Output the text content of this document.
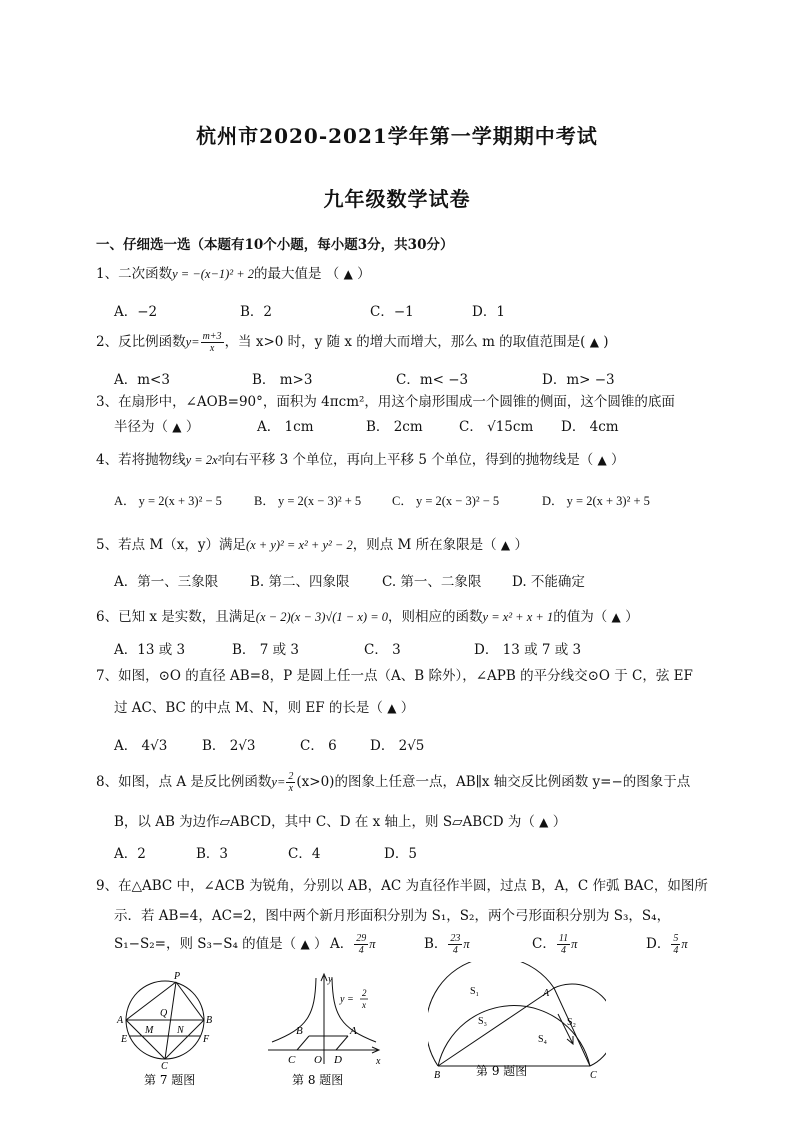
杭州市2020-2021学年第一学期期中考试
九年级数学试卷
一、仔细选一选（本题有10个小题，每小题3分，共30分）
1、二次函数y = −(x−1)² + 2的最大值是 （ ▲ ）
A．−2	B．2	C．−1	D．1
2、反比例函数$y= \frac{m+3}{x}$ ，当 x>0 时，y 随 x 的增大而增大，那么 m 的取值范围是( ▲ )
A．m<3	B． m>3	C．m< −3	D．m> −3
3、在扇形中，∠AOB=90°，面积为 4πcm²，用这个扇形围成一个圆锥的侧面，这个圆锥的底面
半径为（ ▲ ）	A． 1cm	B． 2cm	C． √15cm D． 4cm
4、若将抛物线y = 2x²向右平移 3 个单位，再向上平移 5 个单位，得到的抛物线是（ ▲ ）
A． y = 2(x + 3)² − 5	B． y = 2(x − 3)² + 5 C． y = 2(x − 3)² − 5	D． y = 2(x + 3)² + 5
5、若点 M（x，y）满足(x + y)² = x² + y² − 2，则点 M 所在象限是（ ▲ ）
A．第一、三象限 B. 第二、四象限 C. 第一、二象限 D. 不能确定
6、已知 x 是实数，且满足(x − 2)(x − 3)√(1 − x) = 0，则相应的函数y = x² + x + 1的值为（ ▲ ）
A．13 或 3	B． 7 或 3	C． 3	D． 13 或 7 或 3
7、如图，⊙O 的直径 AB=8，P 是圆上任一点（A、B 除外），∠APB 的平分线交⊙O 于 C，弦 EF
过 AC、BC 的中点 M、N，则 EF 的长是（ ▲ ）
A． 4√3	B． 2√3	C． 6 D． 2√5
8、如图，点 A 是反比例函数$y= \frac{2}{x} (x>0)$的图象上任意一点，AB∥x 轴交反比例函数 y=−的图象于点
B，以 AB 为边作▱ABCD，其中 C、D 在 x 轴上，则 S▱ABCD 为（ ▲ ）
A．2	B．3	C．4	D．5
9、在△ABC 中，∠ACB 为锐角，分别以 AB，AC 为直径作半圆，过点 B，A，C 作弧 BAC，如图所
示．若 AB=4，AC=2，图中两个新月形面积分别为 S₁，S₂，两个弓形面积分别为 S₃，S₄，
S₁−S₂=，则 S₃−S₄ 的值是（ ▲ ） A． $\frac{29}{4}$ π	B． $\frac{23}{4}$ π	C． $\frac{11}{4}$ π	D． $\frac{5}{4}$ π
P
Q
A	B
M N
E	F
C
第 7 题图
y
y =
2
x
B	A
C O D	x
第 8 题图
S₁	A
S₃	S₂
S₄
B	C
第 9 题图
